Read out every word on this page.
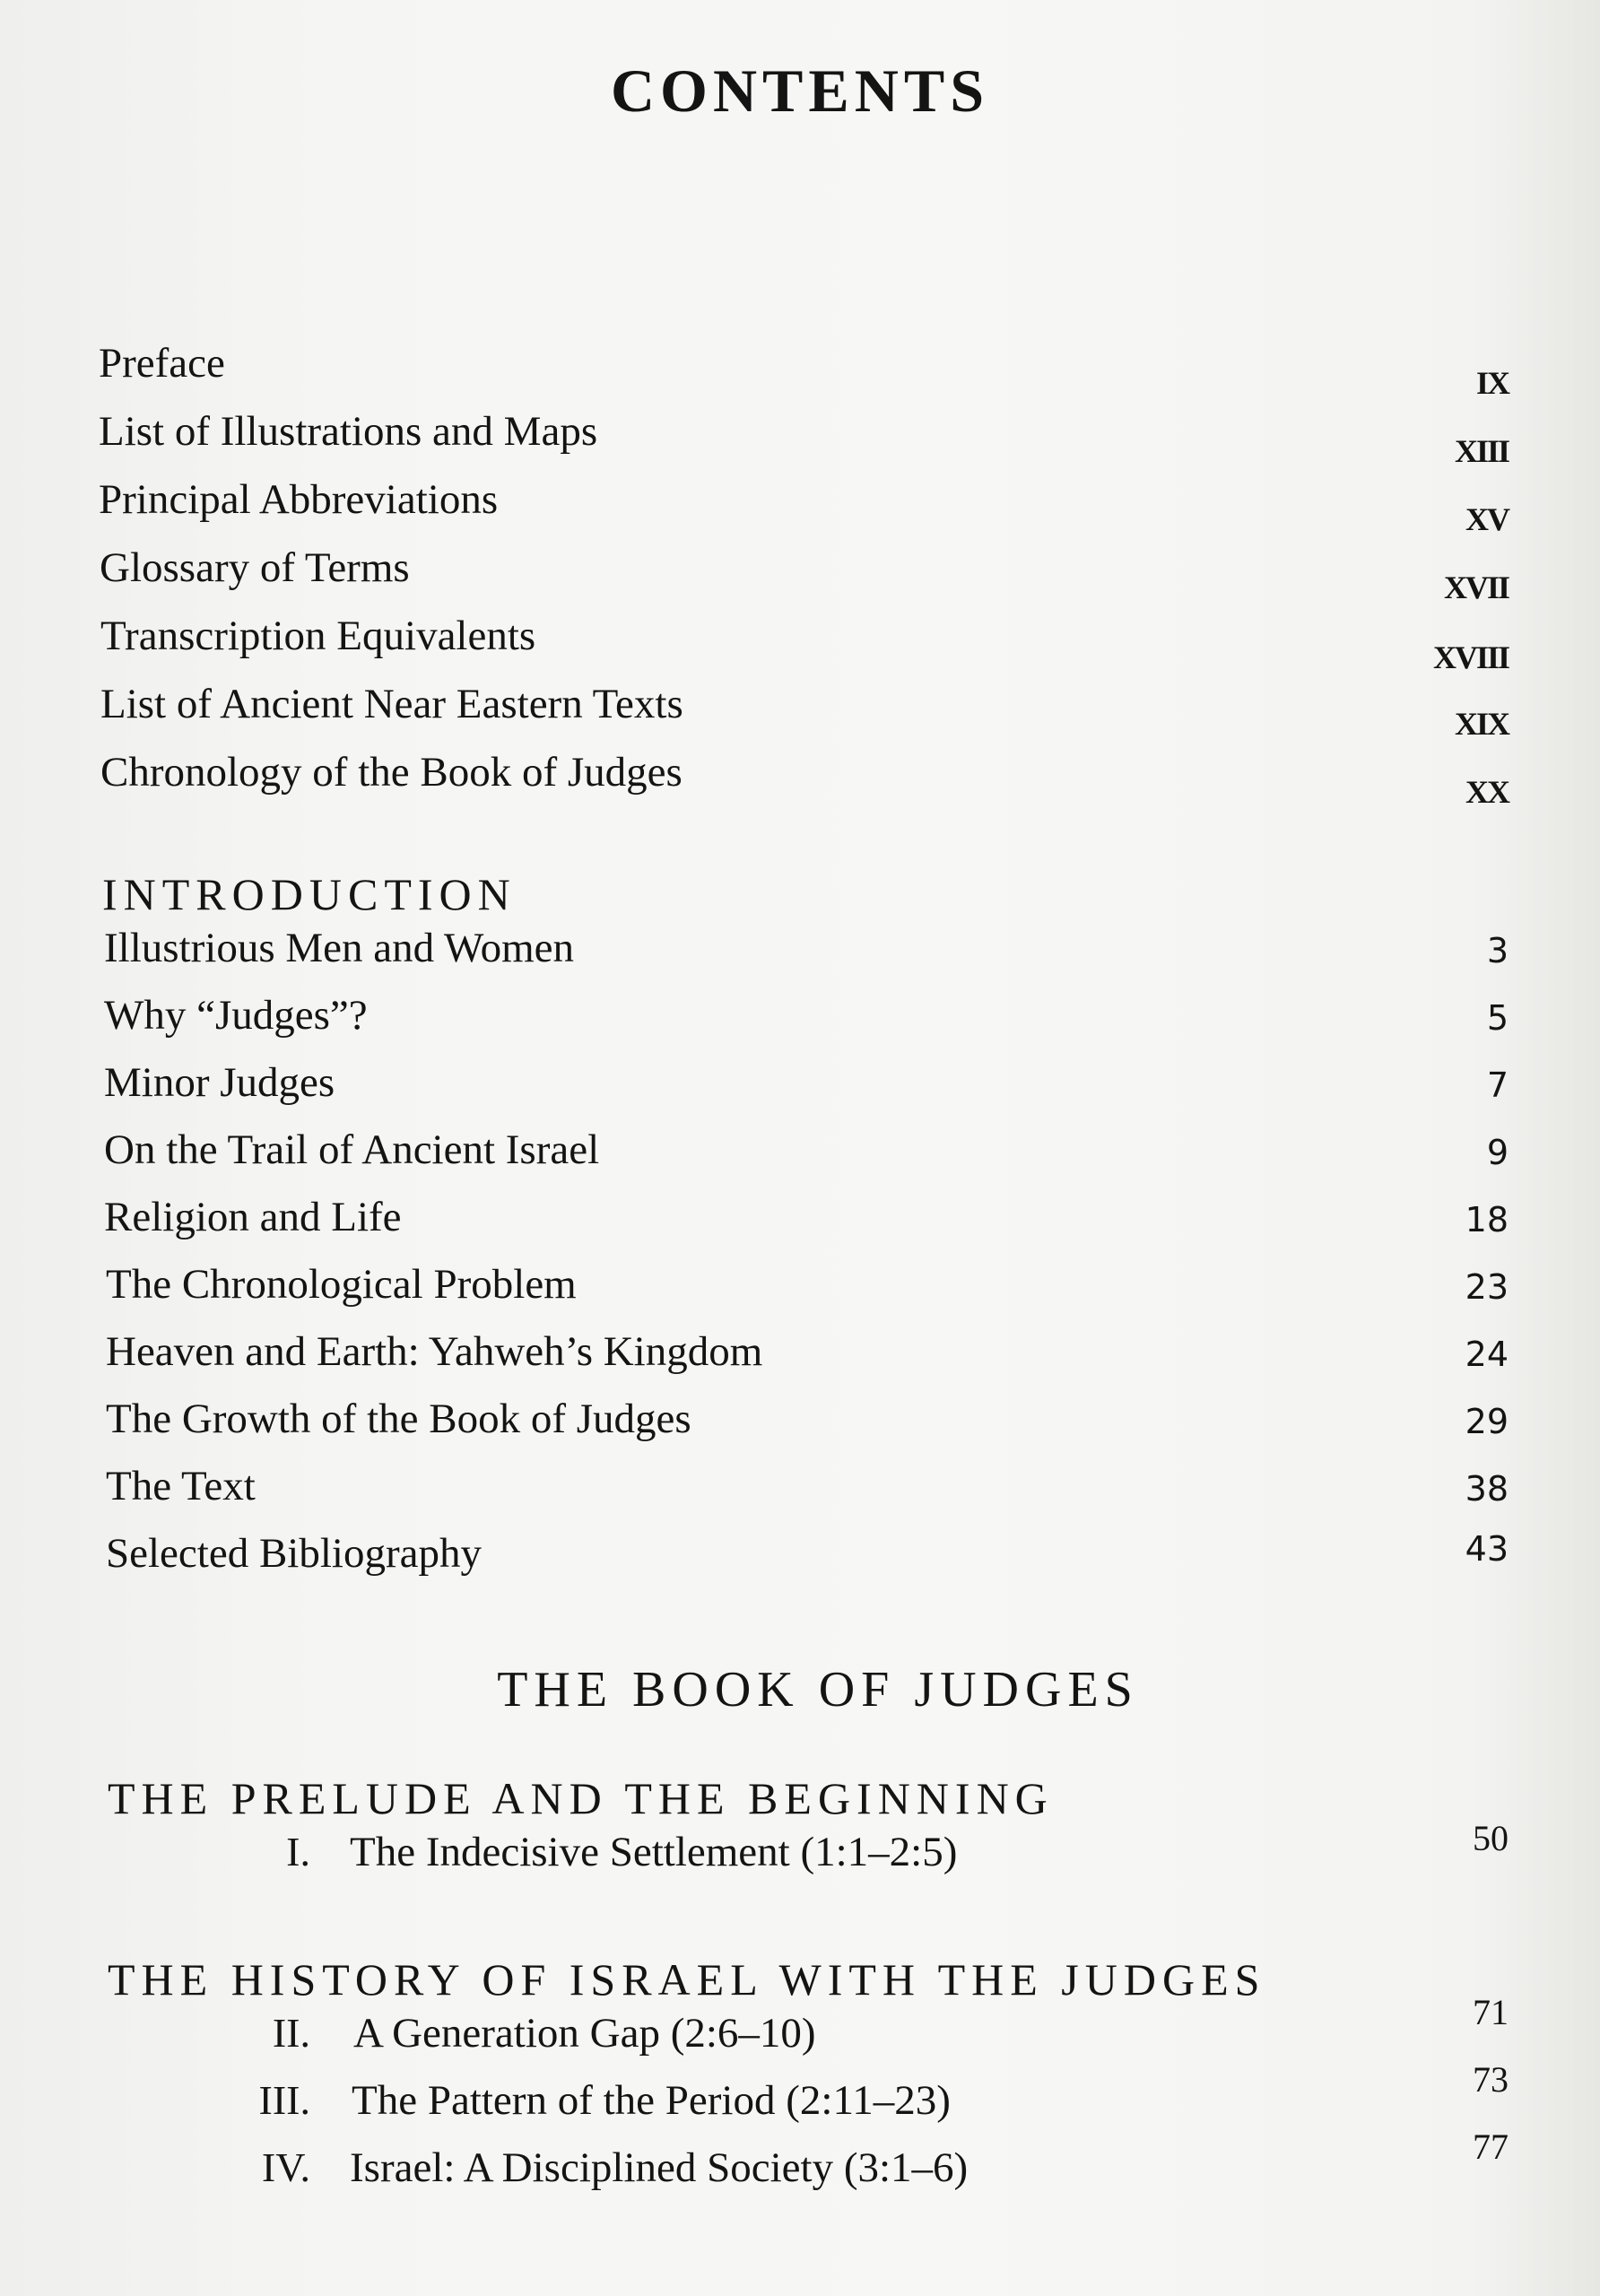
CONTENTS
Preface	IX
List of Illustrations and Maps	XIII
Principal Abbreviations	XV
Glossary of Terms	XVII
Transcription Equivalents	XVIII
List of Ancient Near Eastern Texts	XIX
Chronology of the Book of Judges	XX
INTRODUCTION
Illustrious Men and Women	3
Why “Judges”?	5
Minor Judges	7
On the Trail of Ancient Israel	9
Religion and Life	18
The Chronological Problem	23
Heaven and Earth: Yahweh’s Kingdom	24
The Growth of the Book of Judges	29
The Text	38
Selected Bibliography	43
THE BOOK OF JUDGES
THE PRELUDE AND THE BEGINNING
I. The Indecisive Settlement (1:1–2:5)	50
THE HISTORY OF ISRAEL WITH THE JUDGES
II. A Generation Gap (2:6–10)	71
III. The Pattern of the Period (2:11–23)	73
IV. Israel: A Disciplined Society (3:1–6)	77
